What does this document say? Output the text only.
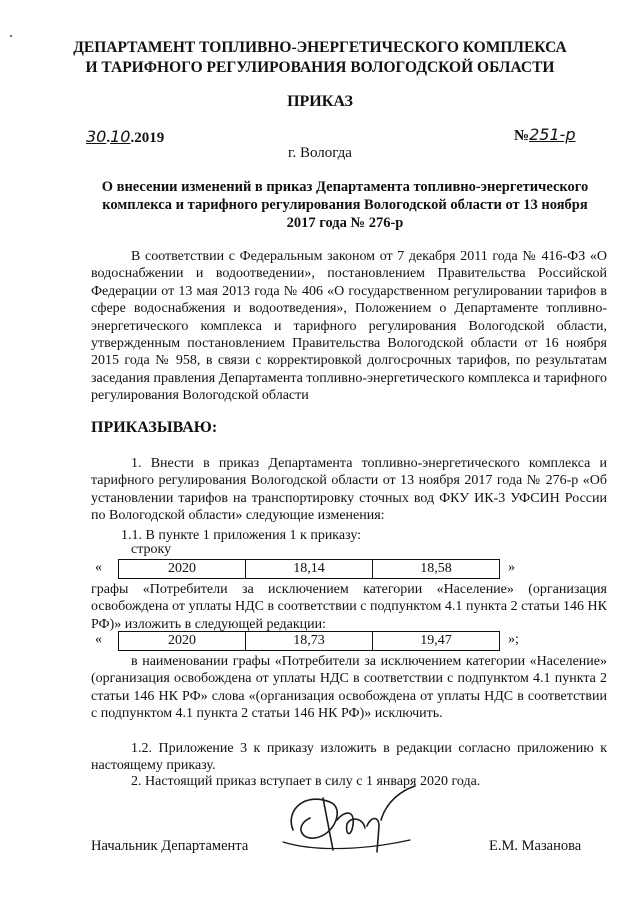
ДЕПАРТАМЕНТ ТОПЛИВНО-ЭНЕРГЕТИЧЕСКОГО КОМПЛЕКСА
И ТАРИФНОГО РЕГУЛИРОВАНИЯ ВОЛОГОДСКОЙ ОБЛАСТИ
ПРИКАЗ
30.10.2019	№251-р
г. Вологда
О внесении изменений в приказ Департамента топливно-энергетического комплекса и тарифного регулирования Вологодской области от 13 ноября 2017 года № 276-р
В соответствии с Федеральным законом от 7 декабря 2011 года № 416-ФЗ «О водоснабжении и водоотведении», постановлением Правительства Российской Федерации от 13 мая 2013 года № 406 «О государственном регулировании тарифов в сфере водоснабжения и водоотведения», Положением о Департаменте топливно-энергетического комплекса и тарифного регулирования Вологодской области, утвержденным постановлением Правительства Вологодской области от 16 ноября 2015 года № 958, в связи с корректировкой долгосрочных тарифов, по результатам заседания правления Департамента топливно-энергетического комплекса и тарифного регулирования Вологодской области
ПРИКАЗЫВАЮ:
1. Внести в приказ Департамента топливно-энергетического комплекса и тарифного регулирования Вологодской области от 13 ноября 2017 года № 276-р «Об установлении тарифов на транспортировку сточных вод ФКУ ИК-3 УФСИН России по Вологодской области» следующие изменения:
1.1. В пункте 1 приложения 1 к приказу:
строку
«	2020	18,14	18,58	»
графы «Потребители за исключением категории «Население» (организация освобождена от уплаты НДС в соответствии с подпунктом 4.1 пункта 2 статьи 146 НК РФ)» изложить в следующей редакции:
«	2020	18,73	19,47	»;
в наименовании графы «Потребители за исключением категории «Население» (организация освобождена от уплаты НДС в соответствии с подпунктом 4.1 пункта 2 статьи 146 НК РФ» слова «(организация освобождена от уплаты НДС в соответствии с подпунктом 4.1 пункта 2 статьи 146 НК РФ)» исключить.
1.2. Приложение 3 к приказу изложить в редакции согласно приложению к настоящему приказу.
2. Настоящий приказ вступает в силу с 1 января 2020 года.
Начальник Департамента	Е.М. Мазанова
